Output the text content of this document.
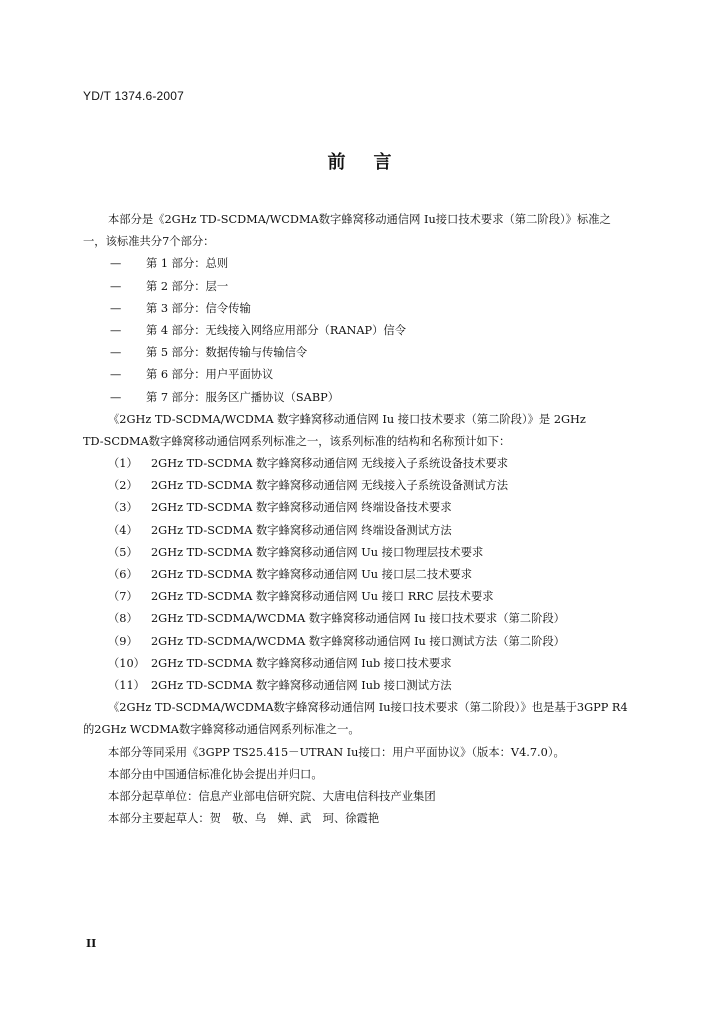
YD/T 1374.6-2007
前言
本部分是《2GHz TD-SCDMA/WCDMA数字蜂窝移动通信网 Iu接口技术要求（第二阶段）》标准之
一，该标准共分7个部分：
— 第 1 部分：总则
— 第 2 部分：层一
— 第 3 部分：信令传输
— 第 4 部分：无线接入网络应用部分（RANAP）信令
— 第 5 部分：数据传输与传输信令
— 第 6 部分：用户平面协议
— 第 7 部分：服务区广播协议（SABP）
《2GHz TD-SCDMA/WCDMA 数字蜂窝移动通信网 Iu 接口技术要求（第二阶段）》是 2GHz
TD-SCDMA数字蜂窝移动通信网系列标准之一，该系列标准的结构和名称预计如下：
（1） 2GHz TD-SCDMA 数字蜂窝移动通信网 无线接入子系统设备技术要求
（2） 2GHz TD-SCDMA 数字蜂窝移动通信网 无线接入子系统设备测试方法
（3） 2GHz TD-SCDMA 数字蜂窝移动通信网 终端设备技术要求
（4） 2GHz TD-SCDMA 数字蜂窝移动通信网 终端设备测试方法
（5） 2GHz TD-SCDMA 数字蜂窝移动通信网 Uu 接口物理层技术要求
（6） 2GHz TD-SCDMA 数字蜂窝移动通信网 Uu 接口层二技术要求
（7） 2GHz TD-SCDMA 数字蜂窝移动通信网 Uu 接口 RRC 层技术要求
（8） 2GHz TD-SCDMA/WCDMA 数字蜂窝移动通信网 Iu 接口技术要求（第二阶段）
（9） 2GHz TD-SCDMA/WCDMA 数字蜂窝移动通信网 Iu 接口测试方法（第二阶段）
（10） 2GHz TD-SCDMA 数字蜂窝移动通信网 Iub 接口技术要求
（11） 2GHz TD-SCDMA 数字蜂窝移动通信网 Iub 接口测试方法
《2GHz TD-SCDMA/WCDMA数字蜂窝移动通信网 Iu接口技术要求（第二阶段）》也是基于3GPP R4
的2GHz WCDMA数字蜂窝移动通信网系列标准之一。
本部分等同采用《3GPP TS25.415－UTRAN Iu接口：用户平面协议》（版本：V4.7.0）。
本部分由中国通信标准化协会提出并归口。
本部分起草单位：信息产业部电信研究院、大唐电信科技产业集团
本部分主要起草人：贺　敬、乌　婵、武　珂、徐霞艳
II
